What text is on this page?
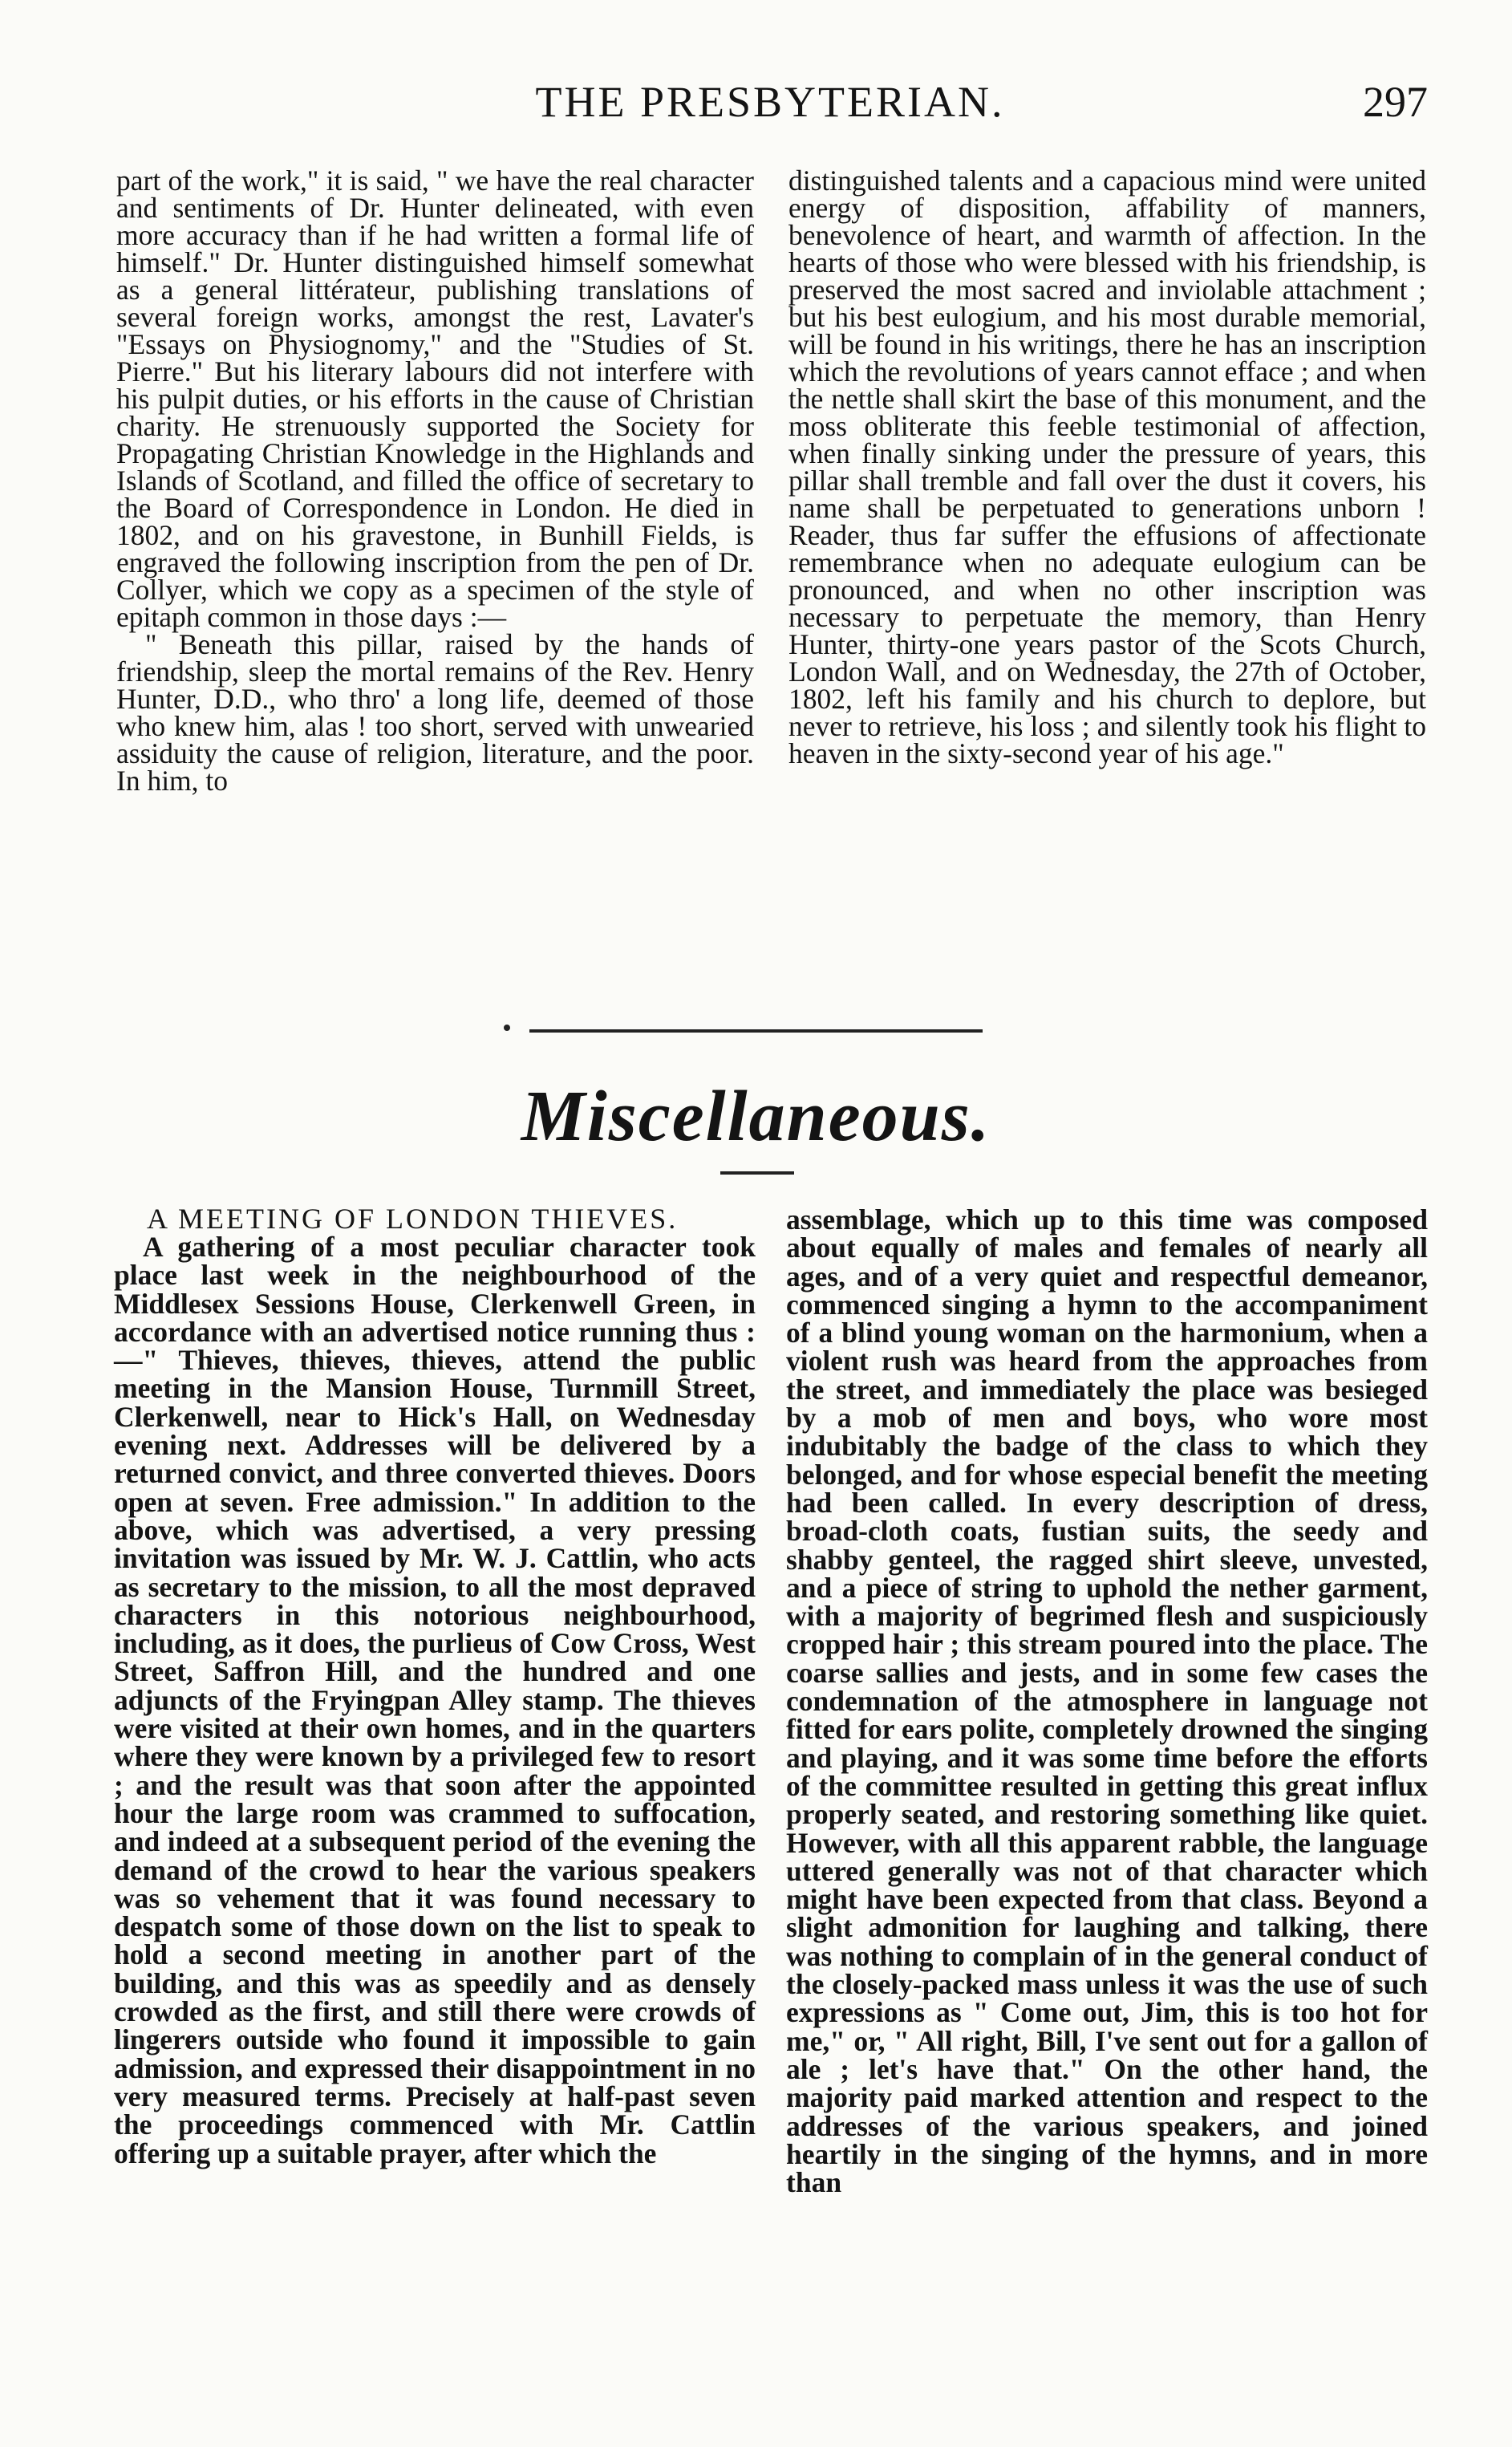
THE PRESBYTERIAN.	297

part of the work," it is said, " we have the real character and sentiments of Dr. Hunter delineated, with even more accuracy than if he had written a formal life of himself." Dr. Hunter distinguished himself somewhat as a general littérateur, publishing translations of several foreign works, amongst the rest, Lavater's "Essays on Physiognomy," and the "Studies of St. Pierre." But his literary labours did not interfere with his pulpit duties, or his efforts in the cause of Christian charity. He strenuously supported the Society for Propagating Christian Knowledge in the Highlands and Islands of Scotland, and filled the office of secretary to the Board of Correspondence in London. He died in 1802, and on his gravestone, in Bunhill Fields, is engraved the following inscription from the pen of Dr. Collyer, which we copy as a specimen of the style of epitaph common in those days :—

" Beneath this pillar, raised by the hands of friendship, sleep the mortal remains of the Rev. Henry Hunter, D.D., who thro' a long life, deemed of those who knew him, alas ! too short, served with unwearied assiduity the cause of religion, literature, and the poor. In him, to

distinguished talents and a capacious mind were united energy of disposition, affability of manners, benevolence of heart, and warmth of affection. In the hearts of those who were blessed with his friendship, is preserved the most sacred and inviolable attachment ; but his best eulogium, and his most durable memorial, will be found in his writings, there he has an inscription which the revolutions of years cannot efface ; and when the nettle shall skirt the base of this monument, and the moss obliterate this feeble testimonial of affection, when finally sinking under the pressure of years, this pillar shall tremble and fall over the dust it covers, his name shall be perpetuated to generations unborn ! Reader, thus far suffer the effusions of affectionate remembrance when no adequate eulogium can be pronounced, and when no other inscription was necessary to perpetuate the memory, than Henry Hunter, thirty-one years pastor of the Scots Church, London Wall, and on Wednesday, the 27th of October, 1802, left his family and his church to deplore, but never to retrieve, his loss ; and silently took his flight to heaven in the sixty-second year of his age."

Miscellaneous.
A MEETING OF LONDON THIEVES.

A gathering of a most peculiar character took place last week in the neighbourhood of the Middlesex Sessions House, Clerkenwell Green, in accordance with an advertised notice running thus :—" Thieves, thieves, thieves, attend the public meeting in the Mansion House, Turnmill Street, Clerkenwell, near to Hick's Hall, on Wednesday evening next. Addresses will be delivered by a returned convict, and three converted thieves. Doors open at seven. Free admission." In addition to the above, which was advertised, a very pressing invitation was issued by Mr. W. J. Cattlin, who acts as secretary to the mission, to all the most depraved characters in this notorious neighbourhood, including, as it does, the purlieus of Cow Cross, West Street, Saffron Hill, and the hundred and one adjuncts of the Fryingpan Alley stamp. The thieves were visited at their own homes, and in the quarters where they were known by a privileged few to resort ; and the result was that soon after the appointed hour the large room was crammed to suffocation, and indeed at a subsequent period of the evening the demand of the crowd to hear the various speakers was so vehement that it was found necessary to despatch some of those down on the list to speak to hold a second meeting in another part of the building, and this was as speedily and as densely crowded as the first, and still there were crowds of lingerers outside who found it impossible to gain admission, and expressed their disappointment in no very measured terms. Precisely at half-past seven the proceedings commenced with Mr. Cattlin offering up a suitable prayer, after which the

assemblage, which up to this time was composed about equally of males and females of nearly all ages, and of a very quiet and respectful demeanor, commenced singing a hymn to the accompaniment of a blind young woman on the harmonium, when a violent rush was heard from the approaches from the street, and immediately the place was besieged by a mob of men and boys, who wore most indubitably the badge of the class to which they belonged, and for whose especial benefit the meeting had been called. In every description of dress, broad-cloth coats, fustian suits, the seedy and shabby genteel, the ragged shirt sleeve, unvested, and a piece of string to uphold the nether garment, with a majority of begrimed flesh and suspiciously cropped hair ; this stream poured into the place. The coarse sallies and jests, and in some few cases the condemnation of the atmosphere in language not fitted for ears polite, completely drowned the singing and playing, and it was some time before the efforts of the committee resulted in getting this great influx properly seated, and restoring something like quiet. However, with all this apparent rabble, the language uttered generally was not of that character which might have been expected from that class. Beyond a slight admonition for laughing and talking, there was nothing to complain of in the general conduct of the closely-packed mass unless it was the use of such expressions as " Come out, Jim, this is too hot for me," or, " All right, Bill, I've sent out for a gallon of ale ; let's have that." On the other hand, the majority paid marked attention and respect to the addresses of the various speakers, and joined heartily in the singing of the hymns, and in more than
